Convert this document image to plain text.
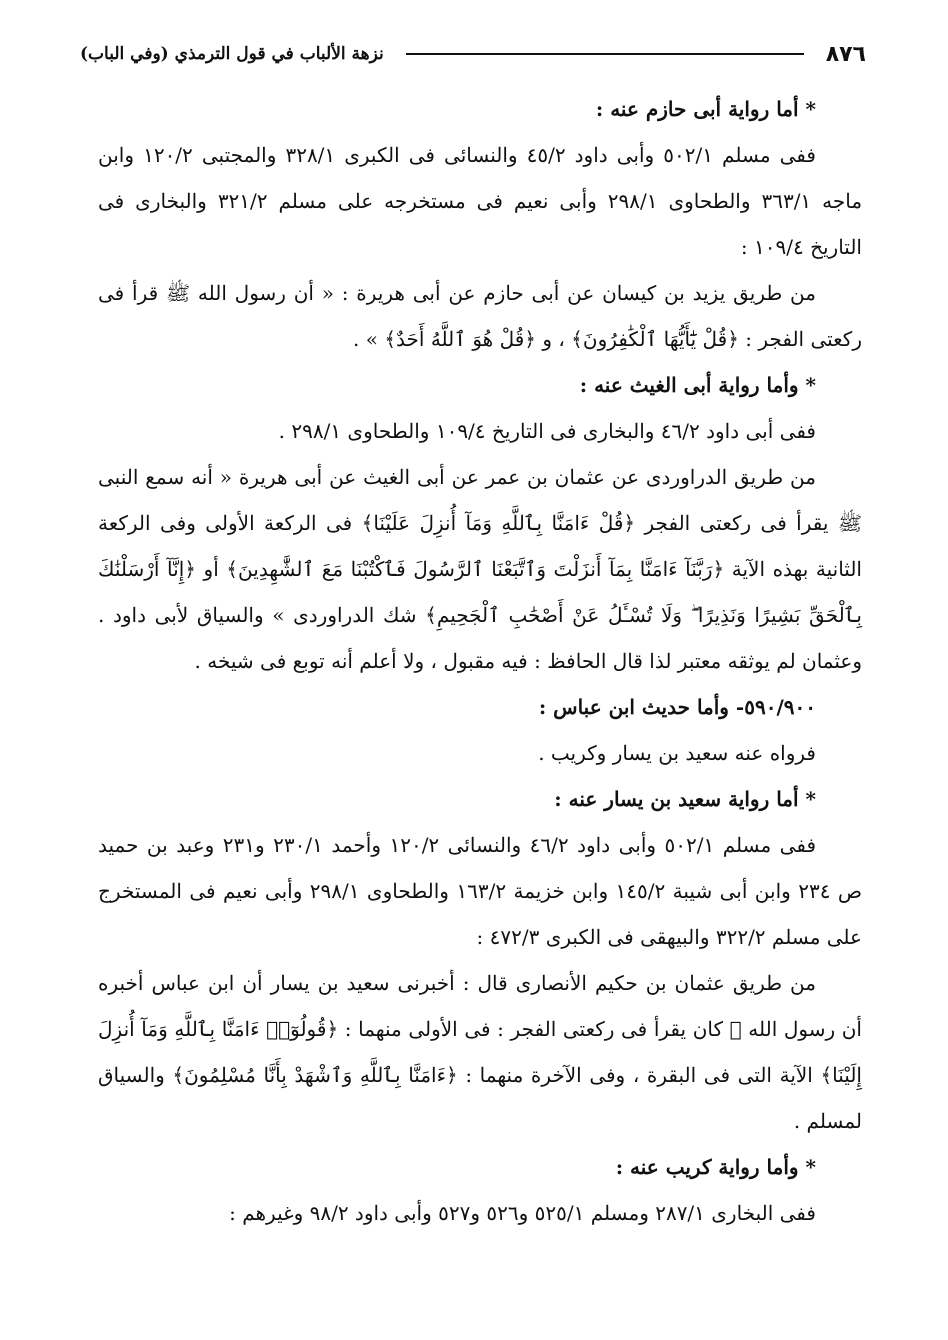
٨٧٦
نزهة الألباب في قول الترمذي (وفي الباب)

* أما رواية أبى حازم عنه :

ففى مسلم ٥٠٢/١ وأبى داود ٤٥/٢ والنسائى فى الكبرى ٣٢٨/١ والمجتبى ١٢٠/٢ وابن ماجه ٣٦٣/١ والطحاوى ٢٩٨/١ وأبى نعيم فى مستخرجه على مسلم ٣٢١/٢ والبخارى فى التاريخ ١٠٩/٤ :

من طريق يزيد بن كيسان عن أبى حازم عن أبى هريرة : « أن رسول الله ﷺ قرأ فى ركعتى الفجر : ﴿قُلْ يَٰٓأَيُّهَا ٱلْكَٰفِرُونَ﴾ ، و ﴿قُلْ هُوَ ٱللَّهُ أَحَدٌ﴾ » .

* وأما رواية أبى الغيث عنه :

ففى أبى داود ٤٦/٢ والبخارى فى التاريخ ١٠٩/٤ والطحاوى ٢٩٨/١ .

من طريق الدراوردى عن عثمان بن عمر عن أبى الغيث عن أبى هريرة « أنه سمع النبى ﷺ يقرأ فى ركعتى الفجر ﴿قُلْ ءَامَنَّا بِٱللَّهِ وَمَآ أُنزِلَ عَلَيْنَا﴾ فى الركعة الأولى وفى الركعة الثانية بهذه الآية ﴿رَبَّنَآ ءَامَنَّا بِمَآ أَنزَلْتَ وَٱتَّبَعْنَا ٱلرَّسُولَ فَٱكْتُبْنَا مَعَ ٱلشَّٰهِدِينَ﴾ أو ﴿إِنَّآ أَرْسَلْنَٰكَ بِٱلْحَقِّ بَشِيرًا وَنَذِيرًا ۖ وَلَا تُسْـَٔلُ عَنْ أَصْحَٰبِ ٱلْجَحِيمِ﴾ شك الدراوردى » والسياق لأبى داود . وعثمان لم يوثقه معتبر لذا قال الحافظ : فيه مقبول ، ولا أعلم أنه توبع فى شيخه .

٥٩٠/٩٠٠- وأما حديث ابن عباس :

فرواه عنه سعيد بن يسار وكريب .

* أما رواية سعيد بن يسار عنه :

ففى مسلم ٥٠٢/١ وأبى داود ٤٦/٢ والنسائى ١٢٠/٢ وأحمد ٢٣٠/١ و٢٣١ وعبد بن حميد ص ٢٣٤ وابن أبى شيبة ١٤٥/٢ وابن خزيمة ١٦٣/٢ والطحاوى ٢٩٨/١ وأبى نعيم فى المستخرج على مسلم ٣٢٢/٢ والبيهقى فى الكبرى ٤٧٢/٣ :

من طريق عثمان بن حكيم الأنصارى قال : أخبرنى سعيد بن يسار أن ابن عباس أخبره أن رسول الله ﷺ كان يقرأ فى ركعتى الفجر : فى الأولى منهما : ﴿قُولُوٓا۟ ءَامَنَّا بِٱللَّهِ وَمَآ أُنزِلَ إِلَيْنَا﴾ الآية التى فى البقرة ، وفى الآخرة منهما : ﴿ءَامَنَّا بِٱللَّهِ وَٱشْهَدْ بِأَنَّا مُسْلِمُونَ﴾ والسياق لمسلم .

* وأما رواية كريب عنه :

ففى البخارى ٢٨٧/١ ومسلم ٥٢٥/١ و٥٢٦ و٥٢٧ وأبى داود ٩٨/٢ وغيرهم :
